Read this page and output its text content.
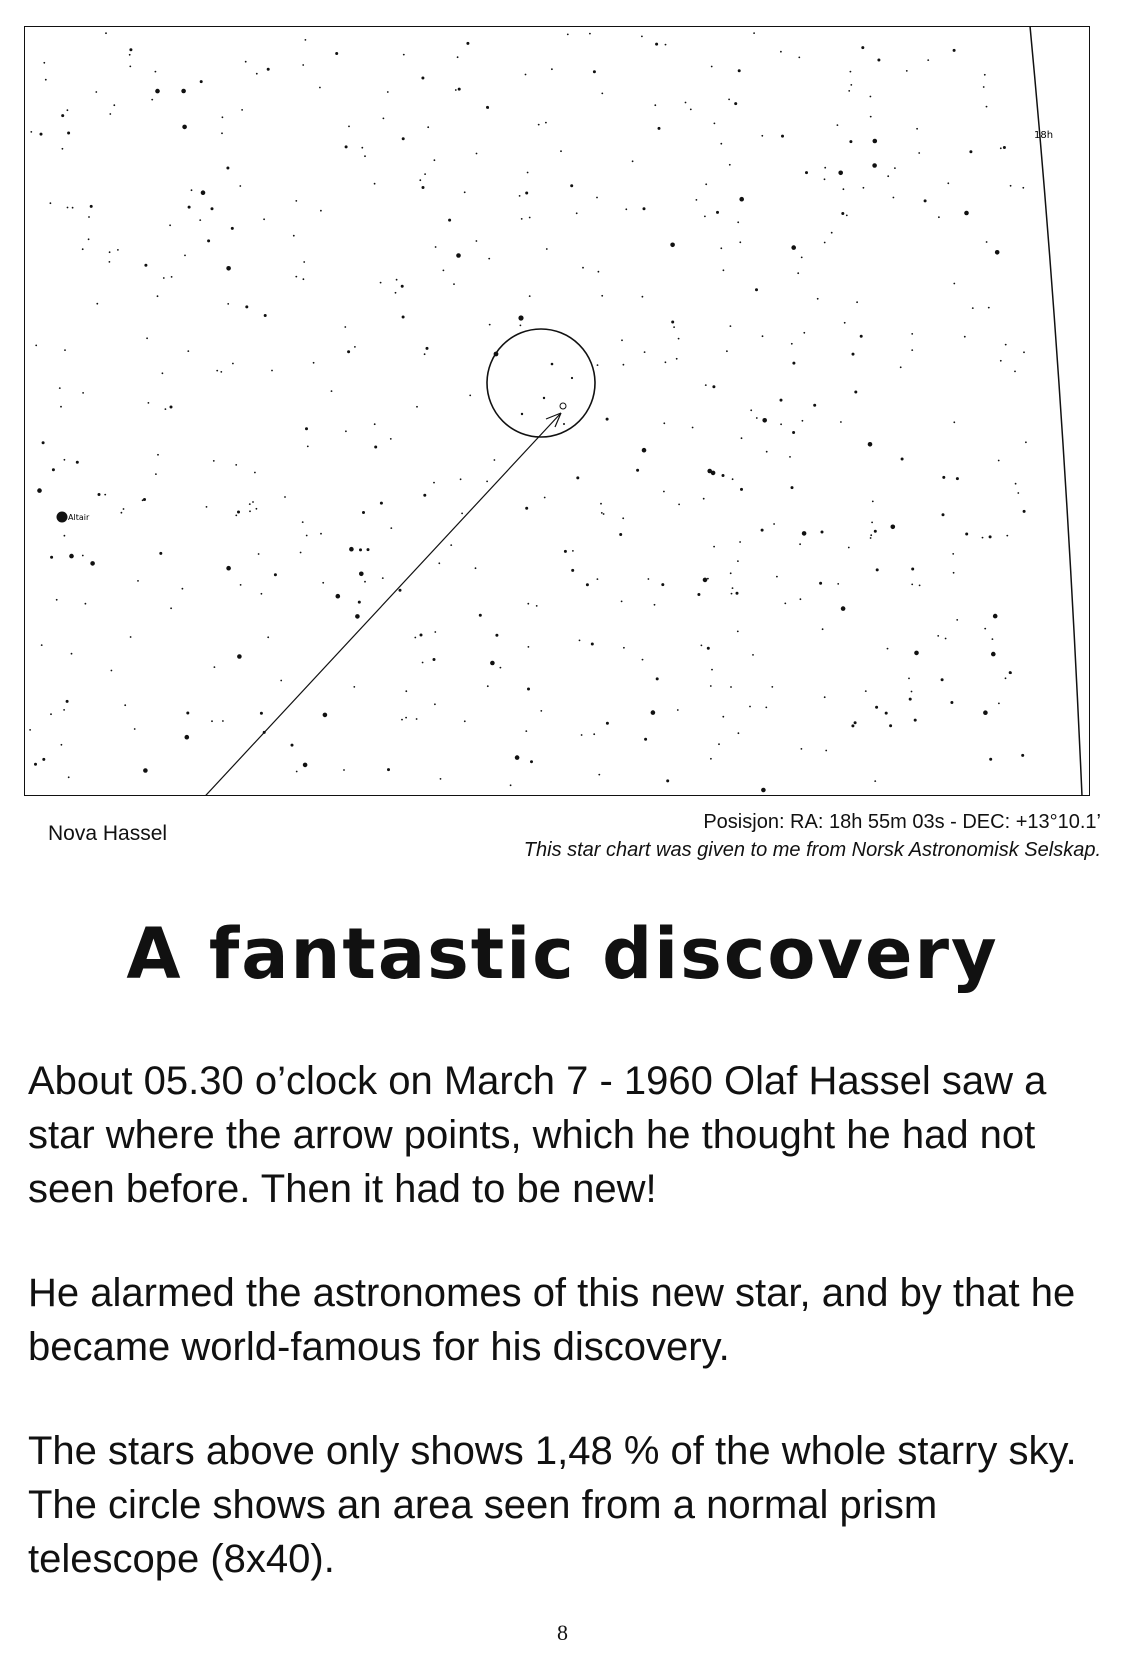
18h
Altair
Nova Hassel	Posisjon: RA: 18h 55m 03s - DEC: +13°10.1’
This star chart was given to me from Norsk Astronomisk Selskap.
A fantastic discovery

About 05.30 o’clock on March 7 - 1960 Olaf Hassel saw a star where the arrow points, which he thought he had not seen before. Then it had to be new!

He alarmed the astronomes of this new star, and by that he became world-famous for his discovery.

The stars above only shows 1,48 % of the whole starry sky. The circle shows an area seen from a normal prism telescope (8x40).

8
